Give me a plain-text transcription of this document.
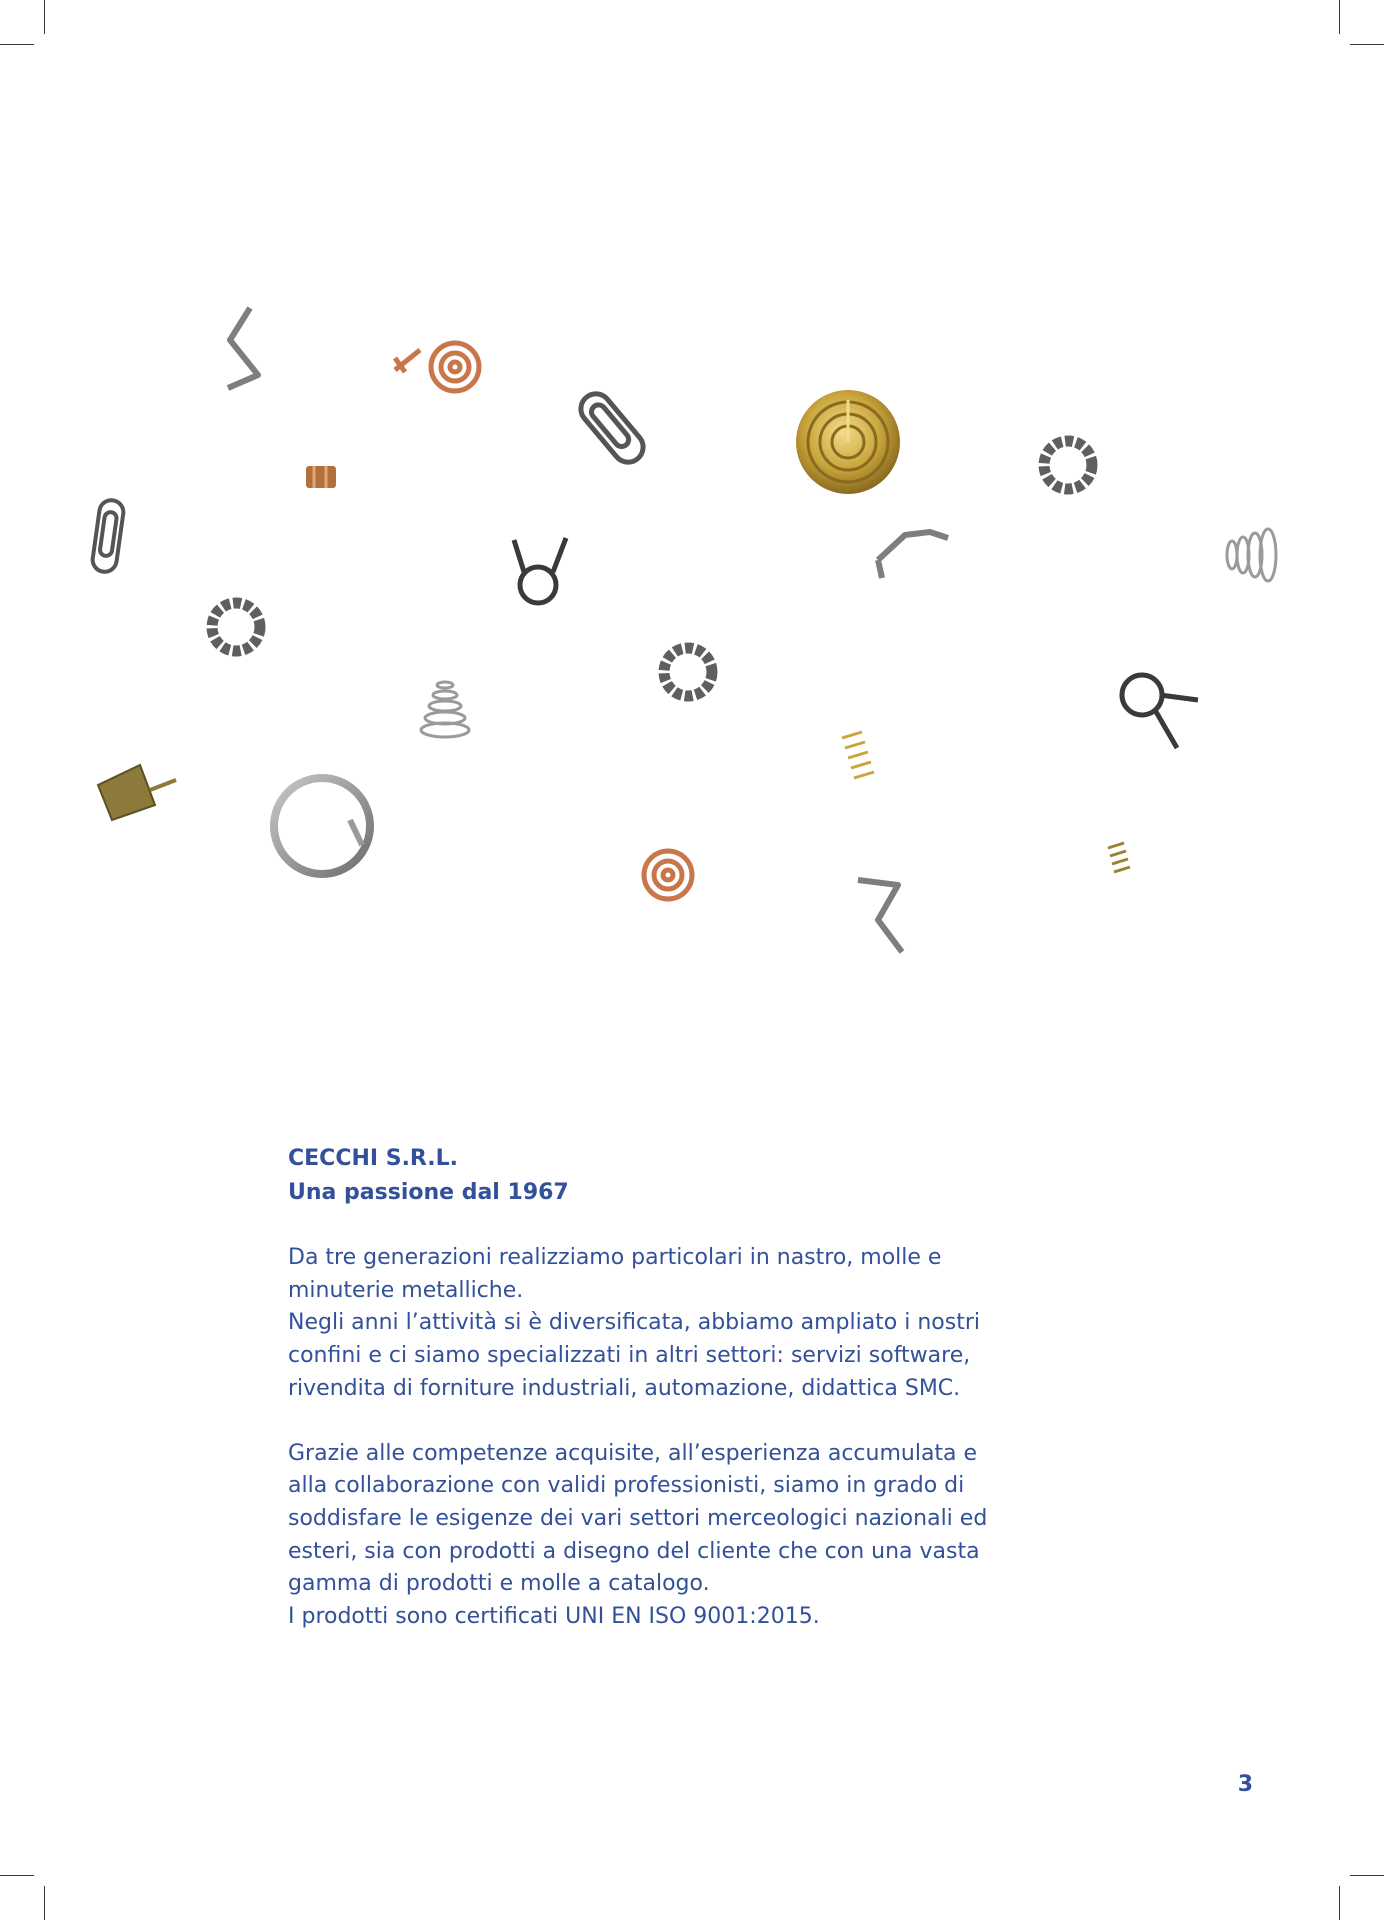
CECCHI S.R.L.

Una passione dal 1967

Da tre generazioni realizziamo particolari in nastro, molle e
minuterie metalliche.
Negli anni l’attività si è diversificata, abbiamo ampliato i nostri
confini e ci siamo specializzati in altri settori: servizi software,
rivendita di forniture industriali, automazione, didattica SMC.

Grazie alle competenze acquisite, all’esperienza accumulata e
alla collaborazione con validi professionisti, siamo in grado di
soddisfare le esigenze dei vari settori merceologici nazionali ed
esteri, sia con prodotti a disegno del cliente che con una vasta
gamma di prodotti e molle a catalogo.
I prodotti sono certificati UNI EN ISO 9001:2015.

3
